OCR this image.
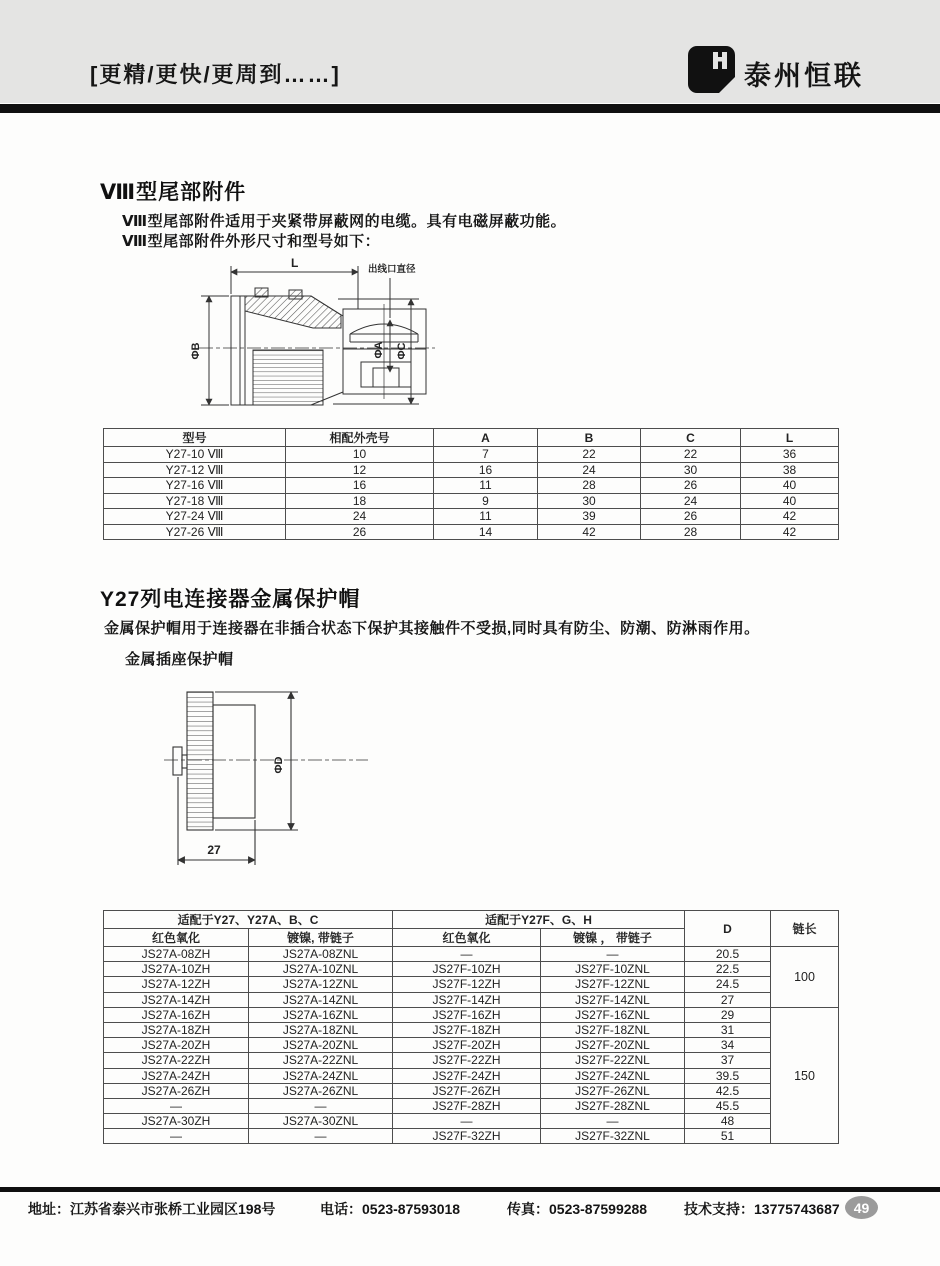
[更精/更快/更周到……]	泰州恒联
Ⅷ型尾部附件
Ⅷ型尾部附件适用于夹紧带屏蔽网的电缆。具有电磁屏蔽功能。
Ⅷ型尾部附件外形尺寸和型号如下：
L	出线口直径
ΦA
ΦB	ΦC
型号	相配外壳号	A	B	C	L
Y27-10 Ⅷ	10	7	22	22	36
Y27-12 Ⅷ	12	16	24	30	38
Y27-16 Ⅷ	16	11	28	26	40
Y27-18 Ⅷ	18	9	30	24	40
Y27-24 Ⅷ	24	11	39	26	42
Y27-26 Ⅷ	26	14	42	28	42
Y27列电连接器金属保护帽
金属保护帽用于连接器在非插合状态下保护其接触件不受损,同时具有防尘、防潮、防淋雨作用。
金属插座保护帽
ΦD
27
适配于Y27、Y27A、B、C		适配于Y27F、G、H		D	链长
红色氧化	镀镍, 带链子	红色氧化	镀镍 ， 带链子		
JS27A-08ZH	JS27A-08ZNL	—	—	20.5	100
JS27A-10ZH	JS27A-10ZNL	JS27F-10ZH	JS27F-10ZNL	22.5	
JS27A-12ZH	JS27A-12ZNL	JS27F-12ZH	JS27F-12ZNL	24.5	
JS27A-14ZH	JS27A-14ZNL	JS27F-14ZH	JS27F-14ZNL	27	
JS27A-16ZH	JS27A-16ZNL	JS27F-16ZH	JS27F-16ZNL	29	150
JS27A-18ZH	JS27A-18ZNL	JS27F-18ZH	JS27F-18ZNL	31	
JS27A-20ZH	JS27A-20ZNL	JS27F-20ZH	JS27F-20ZNL	34	
JS27A-22ZH	JS27A-22ZNL	JS27F-22ZH	JS27F-22ZNL	37	
JS27A-24ZH	JS27A-24ZNL	JS27F-24ZH	JS27F-24ZNL	39.5	
JS27A-26ZH	JS27A-26ZNL	JS27F-26ZH	JS27F-26ZNL	42.5	
—	—	JS27F-28ZH	JS27F-28ZNL	45.5	
JS27A-30ZH	JS27A-30ZNL	—	—	48	
—	—	JS27F-32ZH	JS27F-32ZNL	51	
地址：江苏省泰兴市张桥工业园区198号	电话：0523-87593018	传真：0523-87599288	技术支持：13775743687	49
